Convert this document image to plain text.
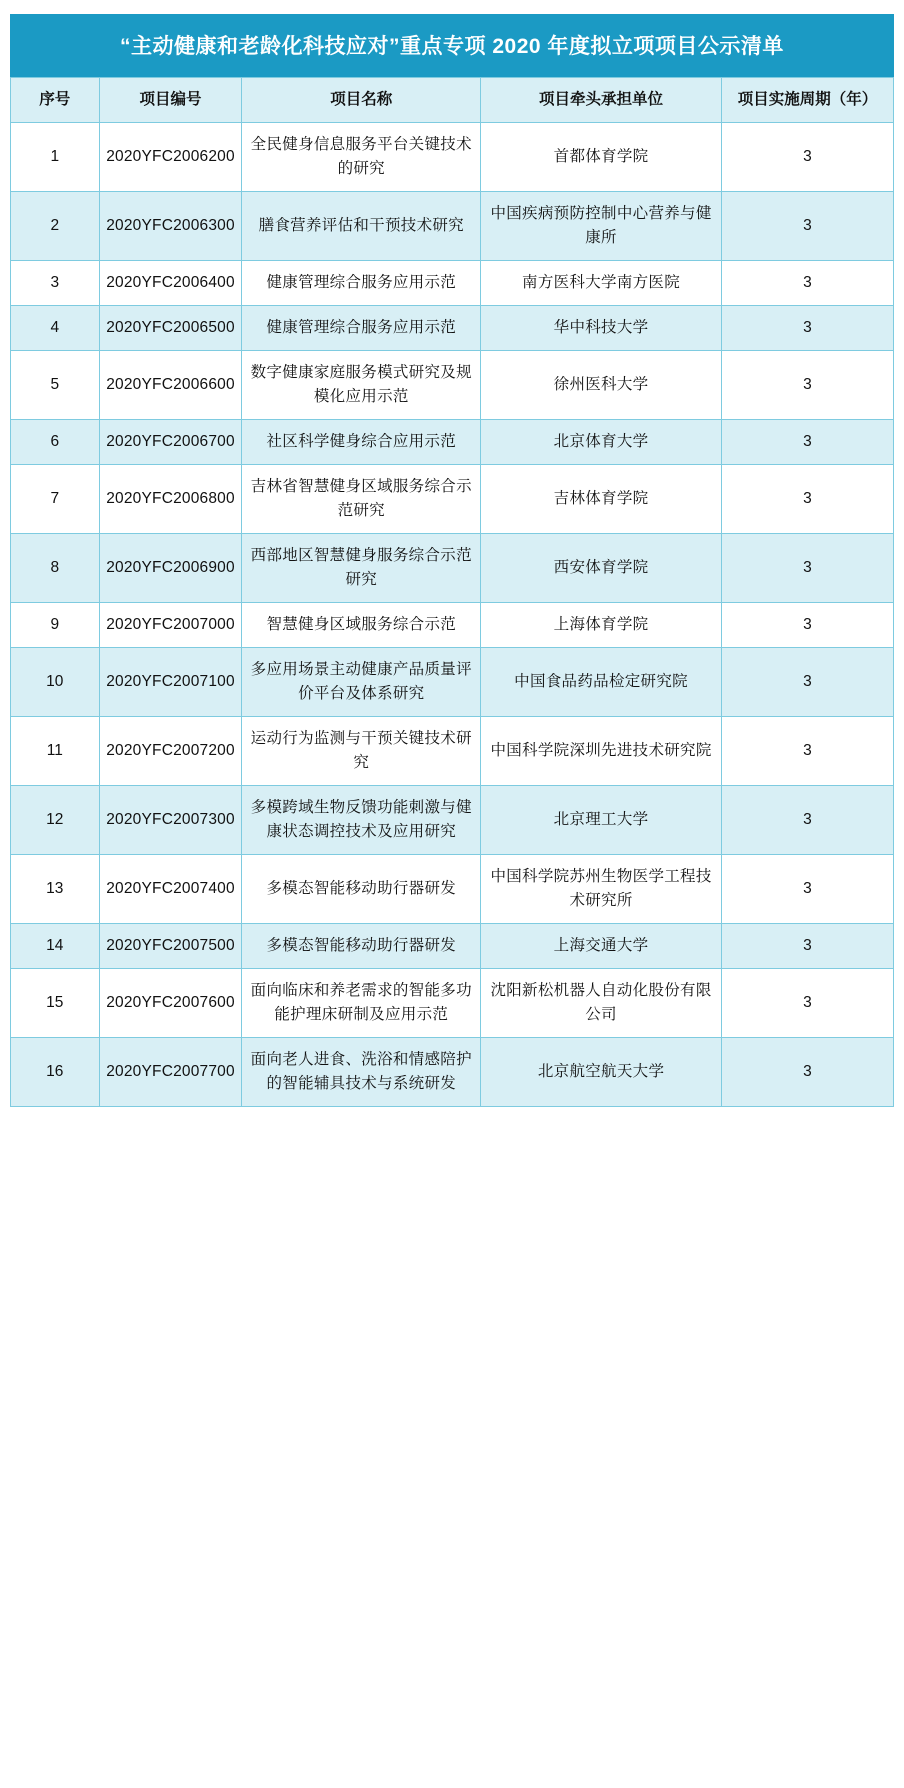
“主动健康和老龄化科技应对”重点专项 2020 年度拟立项项目公示清单
序号	项目编号	项目名称	项目牵头承担单位	项目实施周期（年）
1	2020YFC2006200	全民健身信息服务平台关键技术的研究	首都体育学院	3
2	2020YFC2006300	膳食营养评估和干预技术研究	中国疾病预防控制中心营养与健康所	3
3	2020YFC2006400	健康管理综合服务应用示范	南方医科大学南方医院	3
4	2020YFC2006500	健康管理综合服务应用示范	华中科技大学	3
5	2020YFC2006600	数字健康家庭服务模式研究及规模化应用示范	徐州医科大学	3
6	2020YFC2006700	社区科学健身综合应用示范	北京体育大学	3
7	2020YFC2006800	吉林省智慧健身区域服务综合示范研究	吉林体育学院	3
8	2020YFC2006900	西部地区智慧健身服务综合示范研究	西安体育学院	3
9	2020YFC2007000	智慧健身区域服务综合示范	上海体育学院	3
10	2020YFC2007100	多应用场景主动健康产品质量评价平台及体系研究	中国食品药品检定研究院	3
11	2020YFC2007200	运动行为监测与干预关键技术研究	中国科学院深圳先进技术研究院	3
12	2020YFC2007300	多模跨域生物反馈功能刺激与健康状态调控技术及应用研究	北京理工大学	3
13	2020YFC2007400	多模态智能移动助行器研发	中国科学院苏州生物医学工程技术研究所	3
14	2020YFC2007500	多模态智能移动助行器研发	上海交通大学	3
15	2020YFC2007600	面向临床和养老需求的智能多功能护理床研制及应用示范	沈阳新松机器人自动化股份有限公司	3
16	2020YFC2007700	面向老人进食、洗浴和情感陪护的智能辅具技术与系统研发	北京航空航天大学	3
